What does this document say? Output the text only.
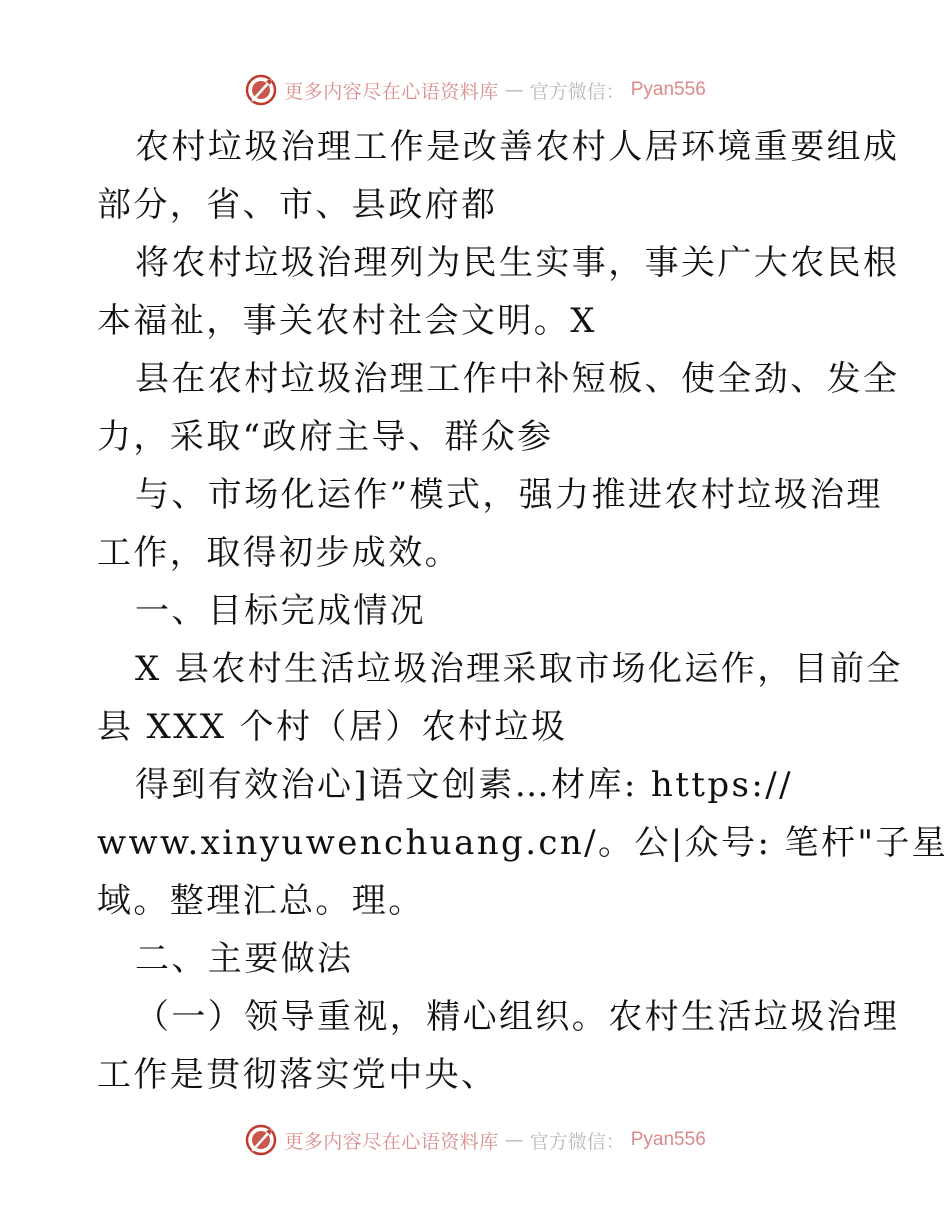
更多内容尽在心语资料库 — 官方微信： Pyan556
农村垃圾治理工作是改善农村人居环境重要组成
部分，省、市、县政府都
将农村垃圾治理列为民生实事，事关广大农民根
本福祉，事关农村社会文明。X
县在农村垃圾治理工作中补短板、使全劲、发全
力，采取“政府主导、群众参
与、市场化运作”模式，强力推进农村垃圾治理
工作，取得初步成效。
一、目标完成情况
X 县农村生活垃圾治理采取市场化运作，目前全
县 XXX 个村（居）农村垃圾
得到有效治心]语文创素…材库: https://
www.xinyuwenchuang.cn/。公|众号: 笔杆"子星
域。整理汇总。理。
二、主要做法
（一）领导重视，精心组织。农村生活垃圾治理
工作是贯彻落实党中央、
更多内容尽在心语资料库 — 官方微信： Pyan556
